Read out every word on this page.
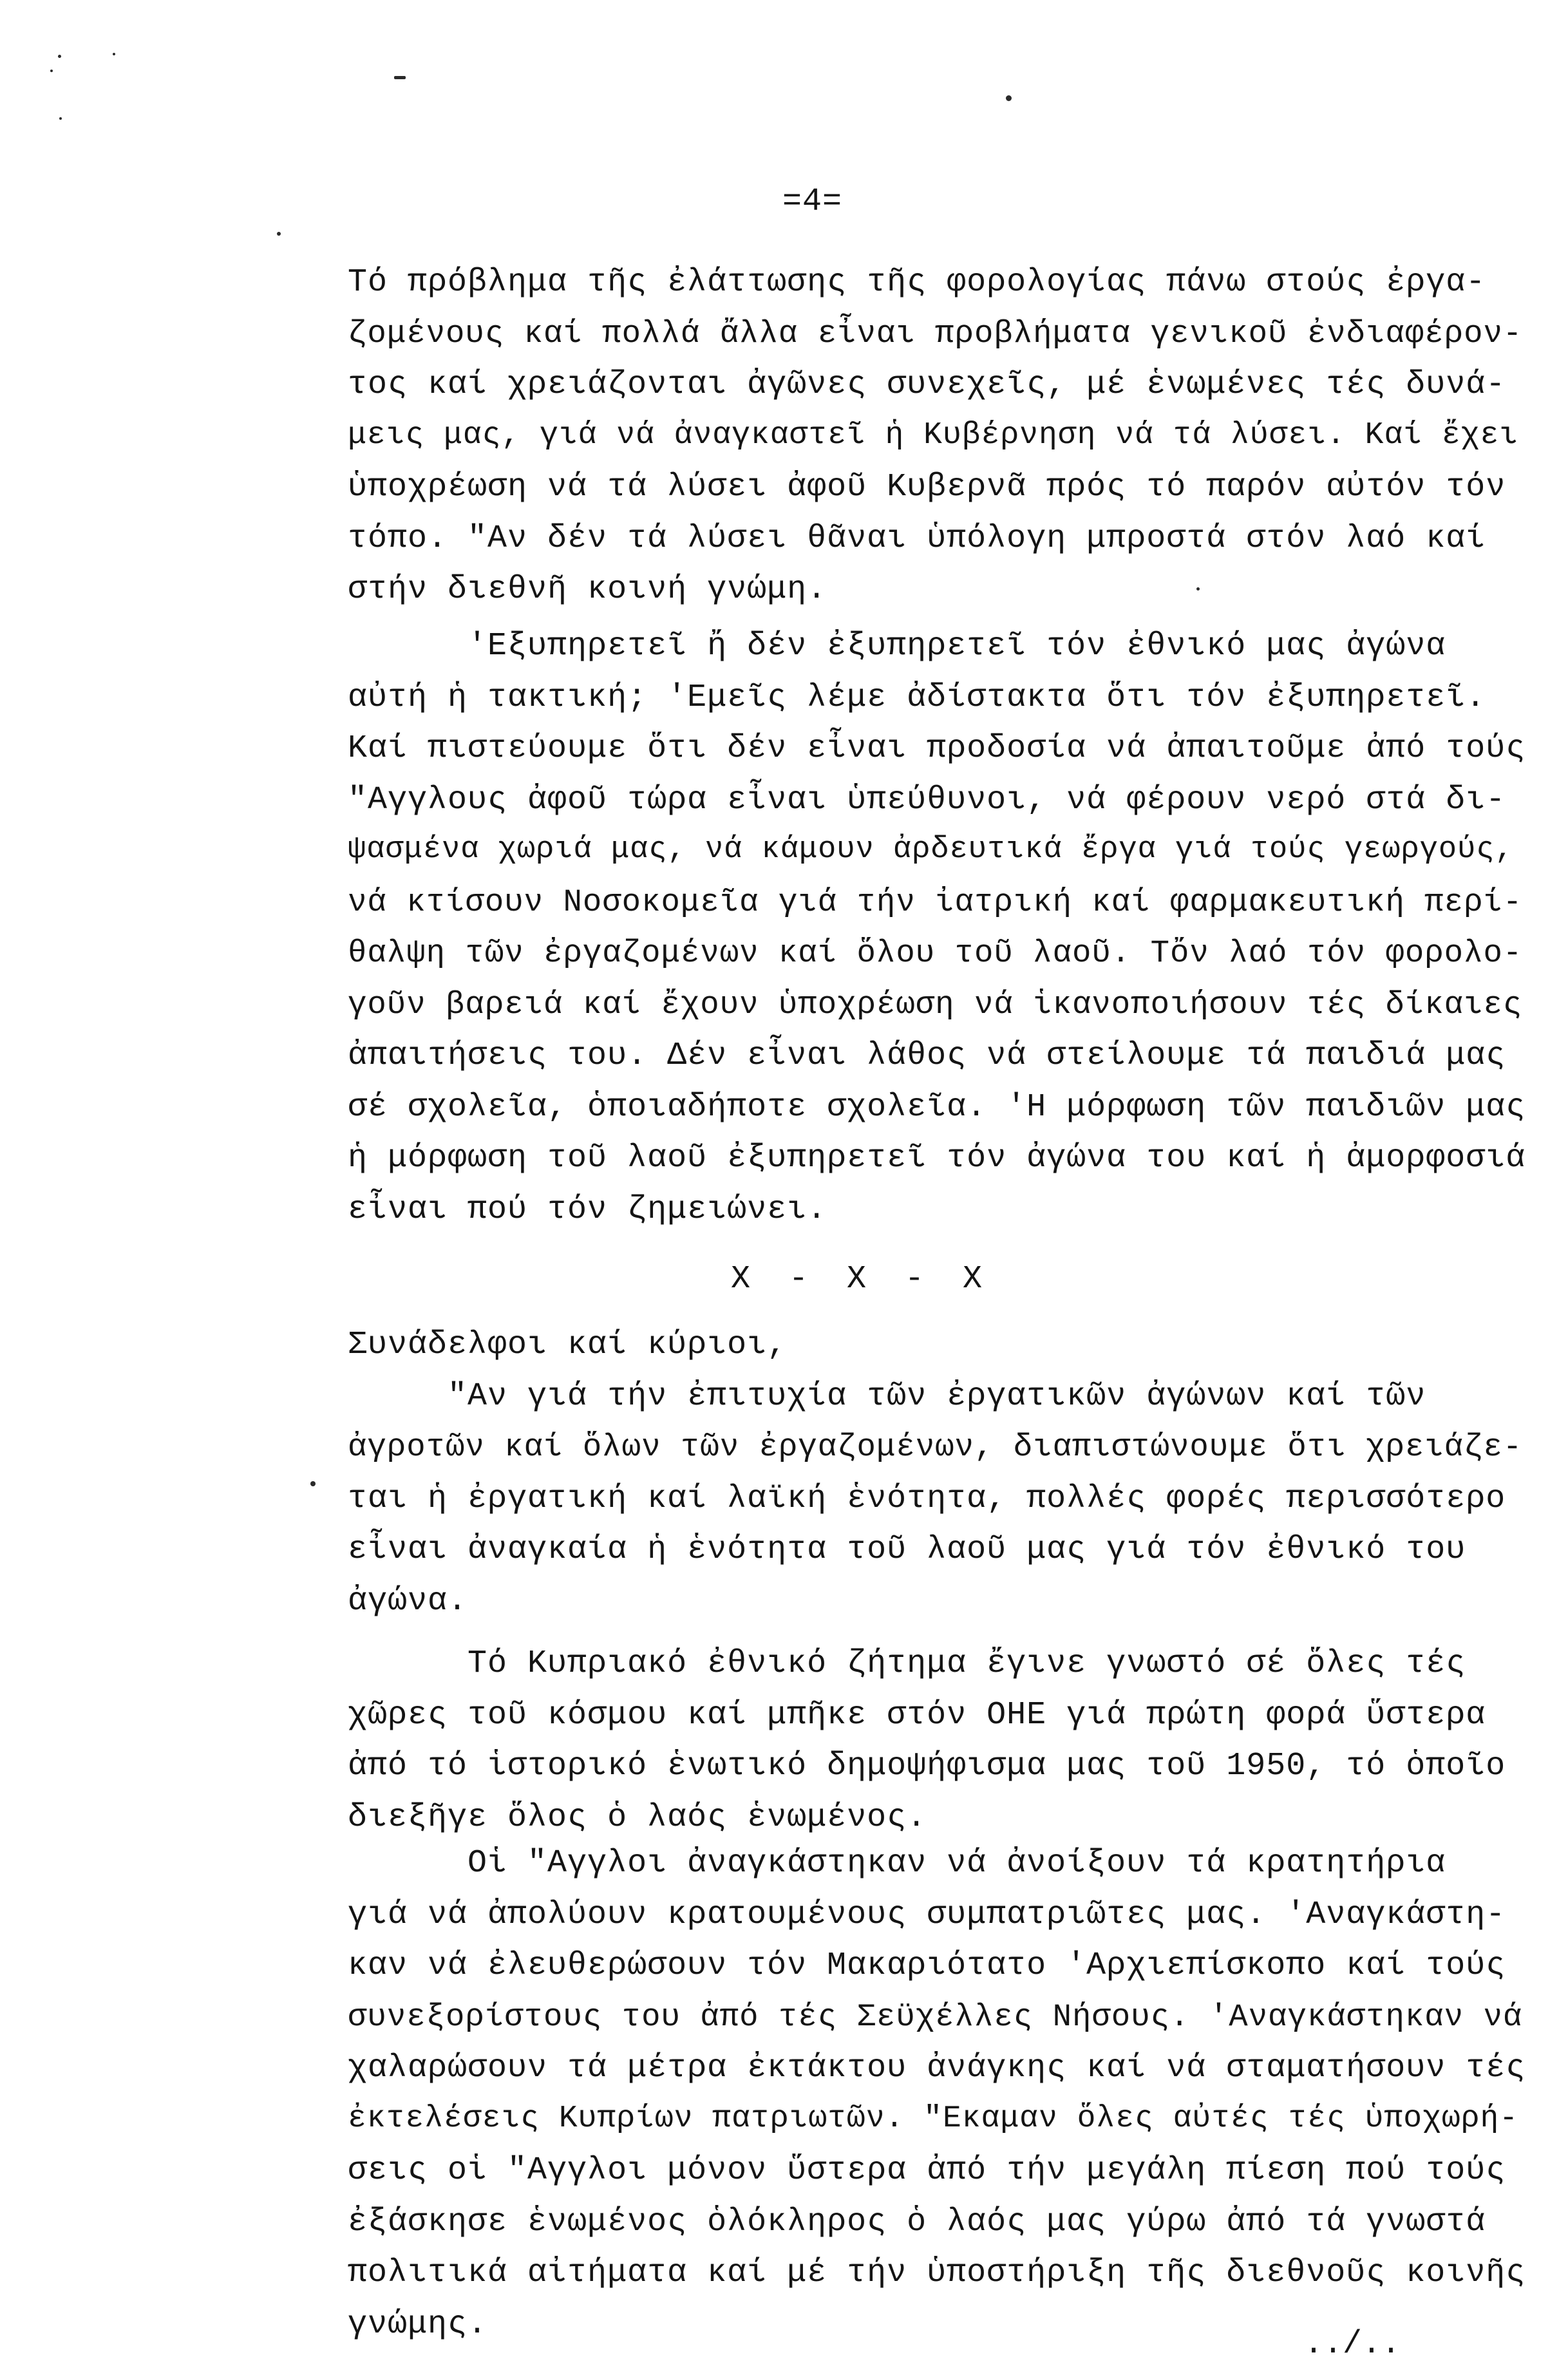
=4=
Τό πρόβλημα τῆς ἐλάττωσης τῆς φορολογίας πάνω στούς ἐργα-
ζομένους καί πολλά ἄλλα εἶναι προβλήματα γενικοῦ ἐνδιαφέρον-
τος καί χρειάζονται ἀγῶνες συνεχεῖς, μέ ἑνωμένες τές δυνά-
μεις μας, γιά νά ἀναγκαστεῖ ἡ Κυβέρνηση νά τά λύσει. Καί ἔχει
ὑποχρέωση νά τά λύσει ἀφοῦ Κυβερνᾶ πρός τό παρόν αὐτόν τόν
τόπο. "Αν δέν τά λύσει θᾶναι ὑπόλογη μπροστά στόν λαό καί
στήν διεθνῆ κοινή γνώμη.
'Εξυπηρετεῖ ἤ δέν ἐξυπηρετεῖ τόν ἐθνικό μας ἀγώνα
αὐτή ἡ τακτική; 'Εμεῖς λέμε ἀδίστακτα ὅτι τόν ἐξυπηρετεῖ.
Καί πιστεύουμε ὅτι δέν εἶναι προδοσία νά ἀπαιτοῦμε ἀπό τούς
"Αγγλους ἀφοῦ τώρα εἶναι ὑπεύθυνοι, νά φέρουν νερό στά δι-
ψασμένα χωριά μας, νά κάμουν ἀρδευτικά ἔργα γιά τούς γεωργούς,
νά κτίσουν Νοσοκομεῖα γιά τήν ἰατρική καί φαρμακευτική περί-
θαλψη τῶν ἐργαζομένων καί ὅλου τοῦ λαοῦ. Τὄν λαό τόν φορολο-
γοῦν βαρειά καί ἔχουν ὑποχρέωση νά ἱκανοποιήσουν τές δίκαιες
ἀπαιτήσεις του. Δέν εἶναι λάθος νά στείλουμε τά παιδιά μας
σέ σχολεῖα, ὁποιαδήποτε σχολεῖα. 'Η μόρφωση τῶν παιδιῶν μας
ἡ μόρφωση τοῦ λαοῦ ἐξυπηρετεῖ τόν ἀγώνα του καί ἡ ἀμορφοσιά
εἶναι πού τόν ζημειώνει.
Συνάδελφοι καί κύριοι,
"Αν γιά τήν ἐπιτυχία τῶν ἐργατικῶν ἀγώνων καί τῶν
ἀγροτῶν καί ὅλων τῶν ἐργαζομένων, διαπιστώνουμε ὅτι χρειάζε-
ται ἡ ἐργατική καί λαϊκή ἑνότητα, πολλές φορές περισσότερο
εἶναι ἀναγκαία ἡ ἑνότητα τοῦ λαοῦ μας γιά τόν ἐθνικό του
ἀγώνα.
Τό Κυπριακό ἐθνικό ζήτημα ἔγινε γνωστό σέ ὅλες τές
χῶρες τοῦ κόσμου καί μπῆκε στόν ΟΗΕ γιά πρώτη φορά ὕστερα
ἀπό τό ἱστορικό ἑνωτικό δημοψήφισμα μας τοῦ 1950, τό ὁποῖο
διεξῆγε ὅλος ὁ λαός ἑνωμένος.
Οἱ "Αγγλοι ἀναγκάστηκαν νά ἀνοίξουν τά κρατητήρια
γιά νά ἀπολύουν κρατουμένους συμπατριῶτες μας. 'Αναγκάστη-
καν νά ἐλευθερώσουν τόν Μακαριότατο 'Αρχιεπίσκοπο καί τούς
συνεξορίστους του ἀπό τές Σεϋχέλλες Νήσους. 'Αναγκάστηκαν νά
χαλαρώσουν τά μέτρα ἐκτάκτου ἀνάγκης καί νά σταματήσουν τές
ἐκτελέσεις Κυπρίων πατριωτῶν. "Εκαμαν ὅλες αὐτές τές ὑποχωρή-
σεις οἱ "Αγγλοι μόνον ὕστερα ἀπό τήν μεγάλη πίεση πού τούς
ἐξάσκησε ἑνωμένος ὁλόκληρος ὁ λαός μας γύρω ἀπό τά γνωστά
πολιτικά αἰτήματα καί μέ τήν ὑποστήριξη τῆς διεθνοῦς κοινῆς
γνώμης.
X  -  X  -  X
../..
